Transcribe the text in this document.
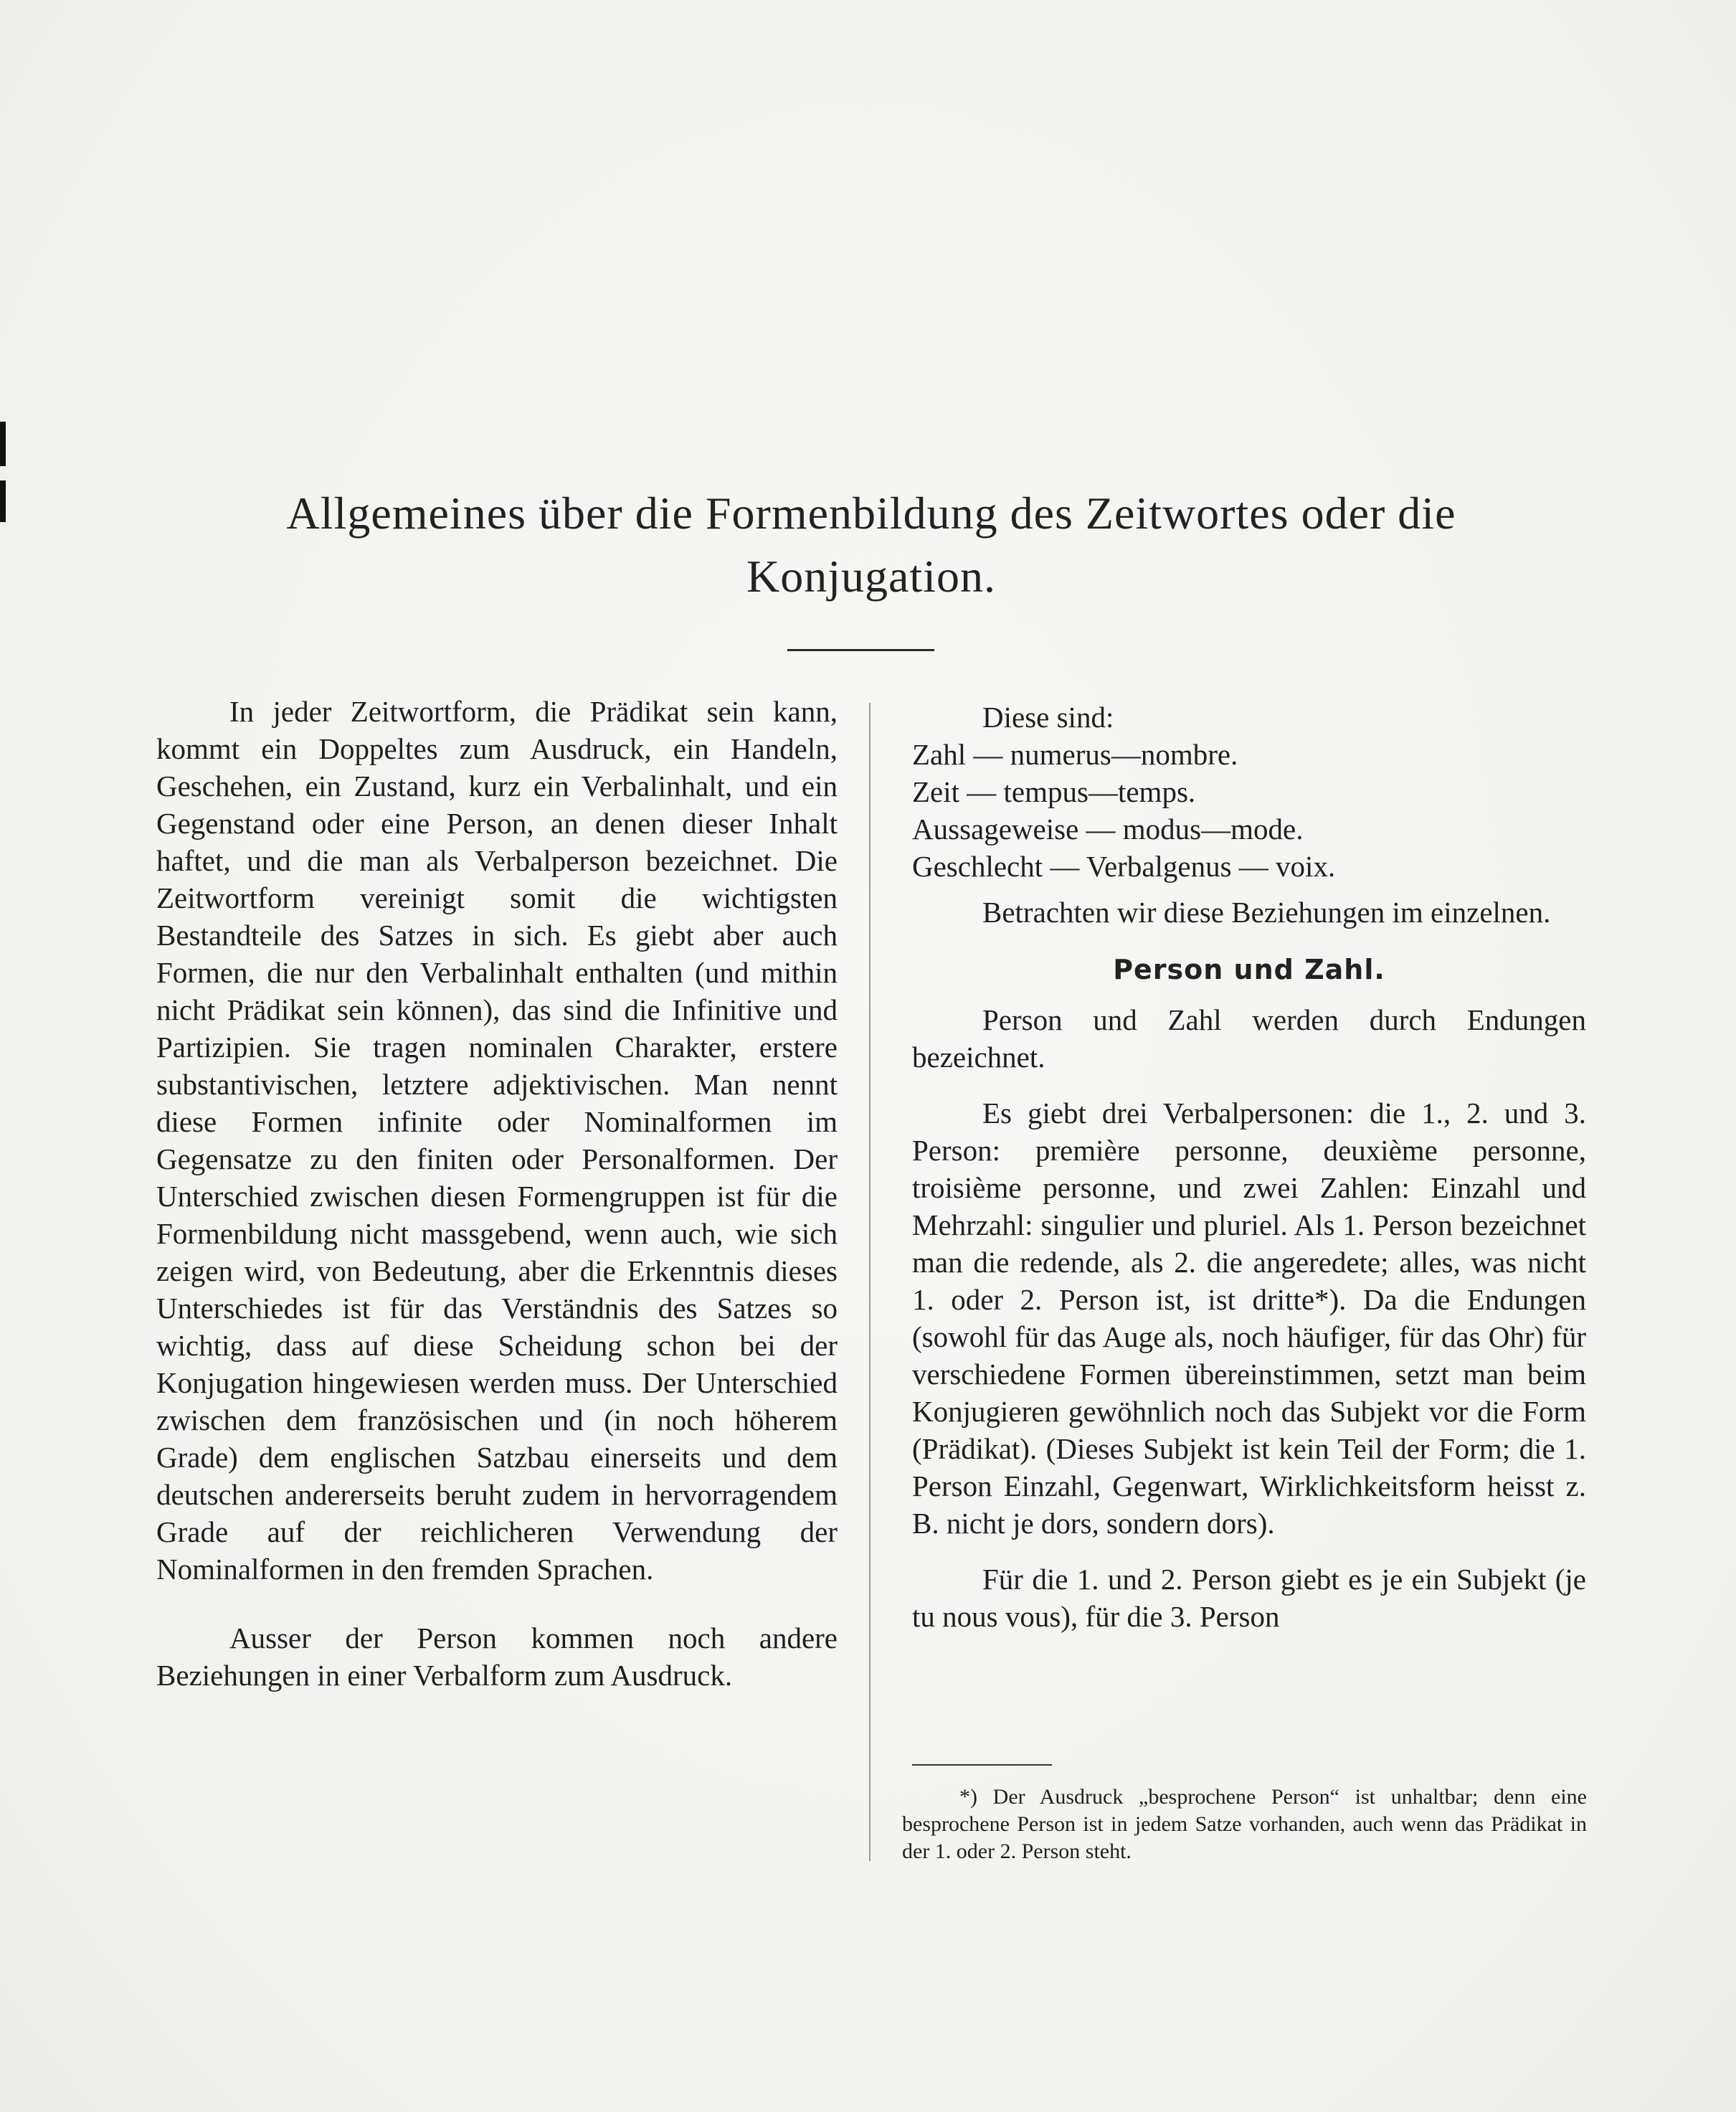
Allgemeines über die Formenbildung des Zeitwortes oder die
Konjugation.

In jeder Zeitwortform, die Prädikat sein kann, kommt ein Doppeltes zum Ausdruck, ein Handeln, Geschehen, ein Zustand, kurz ein Verbalinhalt, und ein Gegenstand oder eine Person, an denen dieser Inhalt haftet, und die man als Verbalperson bezeichnet. Die Zeitwortform vereinigt somit die wichtigsten Bestandteile des Satzes in sich. Es giebt aber auch Formen, die nur den Verbalinhalt enthalten (und mithin nicht Prädikat sein können), das sind die Infinitive und Partizipien. Sie tragen nominalen Charakter, erstere substantivischen, letztere adjektivischen. Man nennt diese Formen infinite oder Nominalformen im Gegensatze zu den finiten oder Personalformen. Der Unterschied zwischen diesen Formengruppen ist für die Formenbildung nicht massgebend, wenn auch, wie sich zeigen wird, von Bedeutung, aber die Erkenntnis dieses Unterschiedes ist für das Verständnis des Satzes so wichtig, dass auf diese Scheidung schon bei der Konjugation hingewiesen werden muss. Der Unterschied zwischen dem französischen und (in noch höherem Grade) dem englischen Satzbau einerseits und dem deutschen andererseits beruht zudem in hervorragendem Grade auf der reichlicheren Verwendung der Nominalformen in den fremden Sprachen.

Ausser der Person kommen noch andere Beziehungen in einer Verbalform zum Ausdruck.

Diese sind:
Zahl — numerus—nombre.
Zeit — tempus—temps.
Aussageweise — modus—mode.
Geschlecht — Verbalgenus — voix.

Betrachten wir diese Beziehungen im einzelnen.

Person und Zahl.

Person und Zahl werden durch Endungen bezeichnet.

Es giebt drei Verbalpersonen: die 1., 2. und 3. Person: première personne, deuxième personne, troisième personne, und zwei Zahlen: Einzahl und Mehrzahl: singulier und pluriel. Als 1. Person bezeichnet man die redende, als 2. die angeredete; alles, was nicht 1. oder 2. Person ist, ist dritte*). Da die Endungen (sowohl für das Auge als, noch häufiger, für das Ohr) für verschiedene Formen übereinstimmen, setzt man beim Konjugieren gewöhnlich noch das Subjekt vor die Form (Prädikat). (Dieses Subjekt ist kein Teil der Form; die 1. Person Einzahl, Gegenwart, Wirklichkeitsform heisst z. B. nicht je dors, sondern dors).

Für die 1. und 2. Person giebt es je ein Subjekt (je tu nous vous), für die 3. Person

*) Der Ausdruck „besprochene Person“ ist unhaltbar; denn eine besprochene Person ist in jedem Satze vorhanden, auch wenn das Prädikat in der 1. oder 2. Person steht.
